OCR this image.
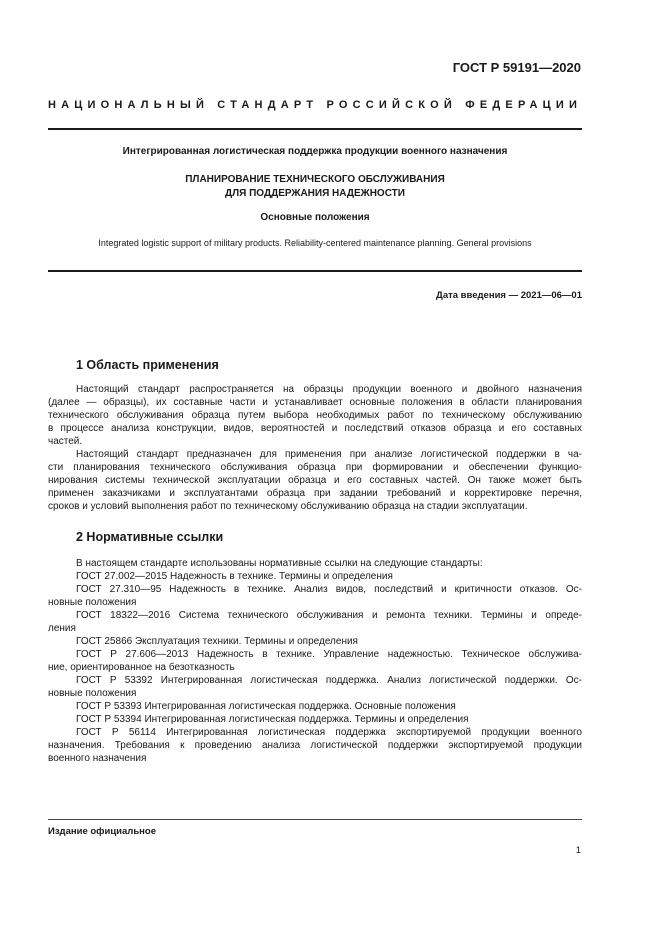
ГОСТ Р 59191—2020
НАЦИОНАЛЬНЫЙ СТАНДАРТ РОССИЙСКОЙ ФЕДЕРАЦИИ
Интегрированная логистическая поддержка продукции военного назначения
ПЛАНИРОВАНИЕ ТЕХНИЧЕСКОГО ОБСЛУЖИВАНИЯ
ДЛЯ ПОДДЕРЖАНИЯ НАДЕЖНОСТИ
Основные положения
Integrated logistic support of military products. Reliability-centered maintenance planning. General provisions
Дата введения — 2021—06—01
1 Область применения
Настоящий стандарт распространяется на образцы продукции военного и двойного назначения
(далее — образцы), их составные части и устанавливает основные положения в области планирования
технического обслуживания образца путем выбора необходимых работ по техническому обслуживанию
в процессе анализа конструкции, видов, вероятностей и последствий отказов образца и его составных
частей.
Настоящий стандарт предназначен для применения при анализе логистической поддержки в ча-
сти планирования технического обслуживания образца при формировании и обеспечении функцио-
нирования системы технической эксплуатации образца и его составных частей. Он также может быть
применен заказчиками и эксплуатантами образца при задании требований и корректировке перечня,
сроков и условий выполнения работ по техническому обслуживанию образца на стадии эксплуатации.
2 Нормативные ссылки
В настоящем стандарте использованы нормативные ссылки на следующие стандарты:
ГОСТ 27.002—2015 Надежность в технике. Термины и определения
ГОСТ 27.310—95 Надежность в технике. Анализ видов, последствий и критичности отказов. Ос-
новные положения
ГОСТ 18322—2016 Система технического обслуживания и ремонта техники. Термины и опреде-
ления
ГОСТ 25866 Эксплуатация техники. Термины и определения
ГОСТ Р 27.606—2013 Надежность в технике. Управление надежностью. Техническое обслужива-
ние, ориентированное на безотказность
ГОСТ Р 53392 Интегрированная логистическая поддержка. Анализ логистической поддержки. Ос-
новные положения
ГОСТ Р 53393 Интегрированная логистическая поддержка. Основные положения
ГОСТ Р 53394 Интегрированная логистическая поддержка. Термины и определения
ГОСТ Р 56114 Интегрированная логистическая поддержка экспортируемой продукции военного
назначения. Требования к проведению анализа логистической поддержки экспортируемой продукции
военного назначения
Издание официальное
1
